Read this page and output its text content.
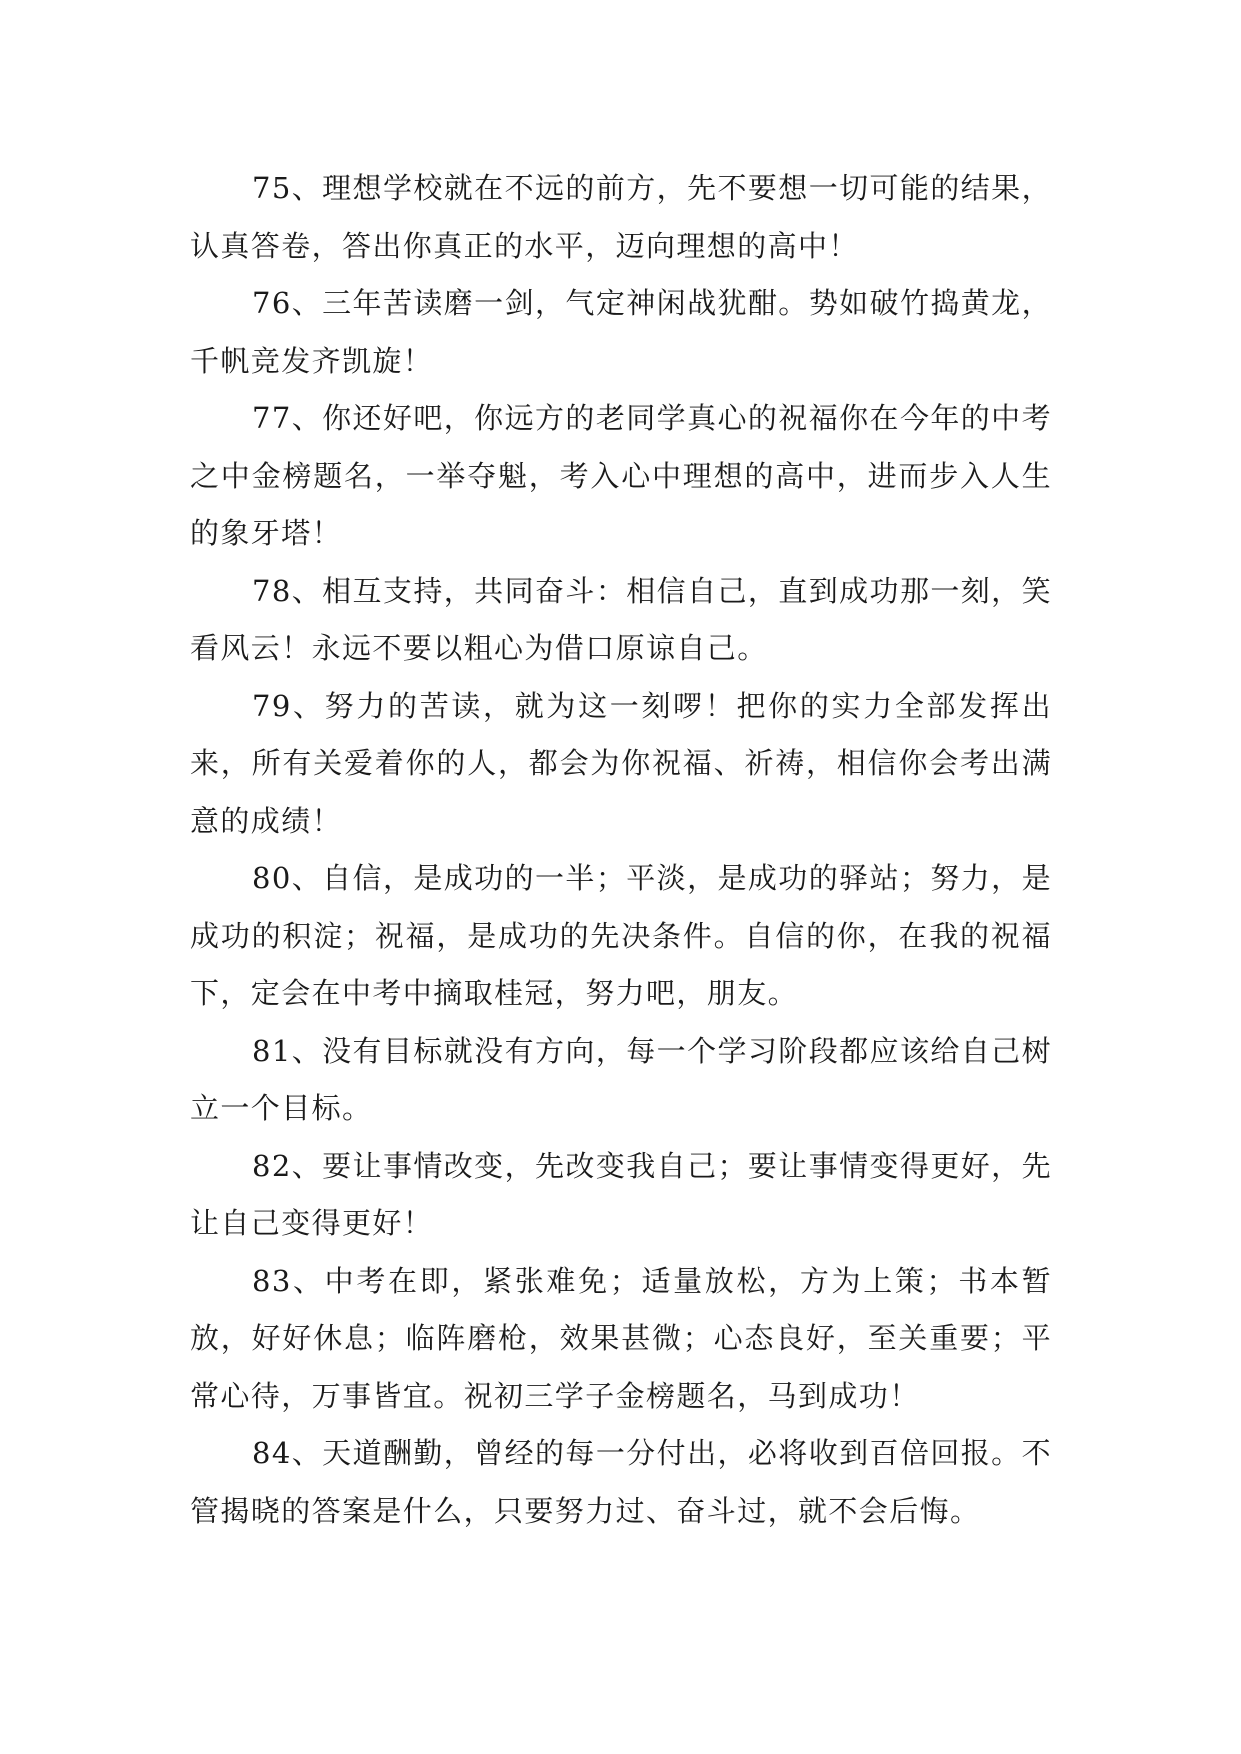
75、理想学校就在不远的前方，先不要想一切可能的结果，认真答卷，答出你真正的水平，迈向理想的高中！

76、三年苦读磨一剑，气定神闲战犹酣。势如破竹捣黄龙，千帆竞发齐凯旋！

77、你还好吧，你远方的老同学真心的祝福你在今年的中考之中金榜题名，一举夺魁，考入心中理想的高中，进而步入人生的象牙塔！

78、相互支持，共同奋斗：相信自己，直到成功那一刻，笑看风云！永远不要以粗心为借口原谅自己。

79、努力的苦读，就为这一刻啰！把你的实力全部发挥出来，所有关爱着你的人，都会为你祝福、祈祷，相信你会考出满意的成绩！

80、自信，是成功的一半；平淡，是成功的驿站；努力，是成功的积淀；祝福，是成功的先决条件。自信的你，在我的祝福下，定会在中考中摘取桂冠，努力吧，朋友。

81、没有目标就没有方向，每一个学习阶段都应该给自己树立一个目标。

82、要让事情改变，先改变我自己；要让事情变得更好，先让自己变得更好！

83、中考在即，紧张难免；适量放松，方为上策；书本暂放，好好休息；临阵磨枪，效果甚微；心态良好，至关重要；平常心待，万事皆宜。祝初三学子金榜题名，马到成功！

84、天道酬勤，曾经的每一分付出，必将收到百倍回报。不管揭晓的答案是什么，只要努力过、奋斗过，就不会后悔。
